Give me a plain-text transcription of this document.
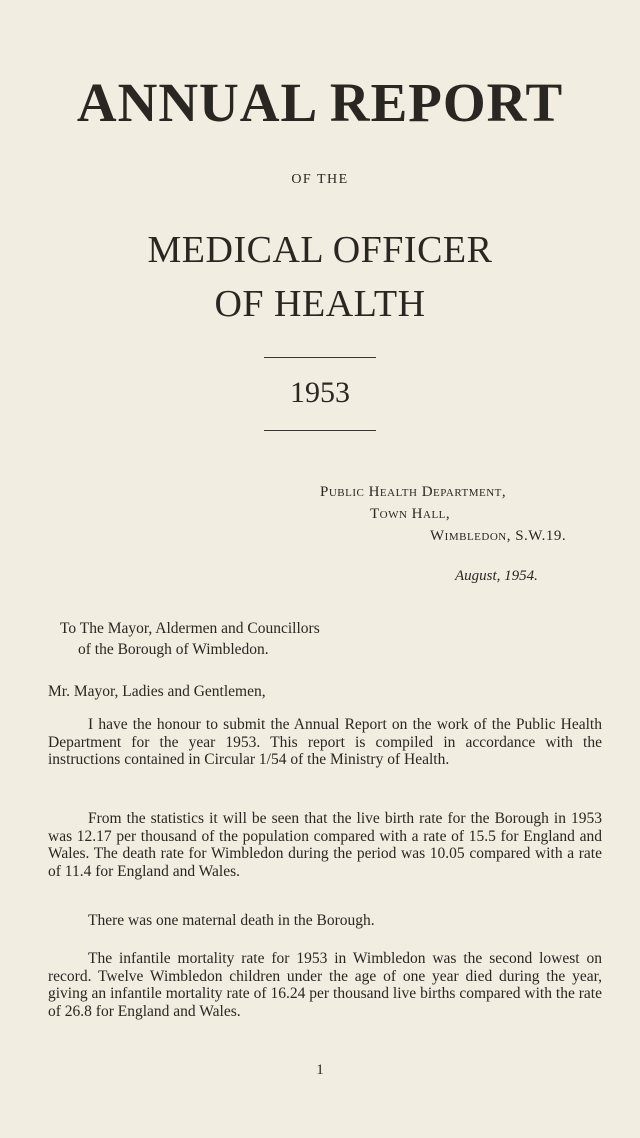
ANNUAL REPORT
OF THE
MEDICAL OFFICER
OF HEALTH
1953
Public Health Department,
Town Hall,
Wimbledon, S.W.19.
August, 1954.
To The Mayor, Aldermen and Councillors
of the Borough of Wimbledon.
Mr. Mayor, Ladies and Gentlemen,
I have the honour to submit the Annual Report on the work of the Public Health Department for the year 1953. This report is compiled in accordance with the instructions contained in Circular 1/54 of the Ministry of Health.
From the statistics it will be seen that the live birth rate for the Borough in 1953 was 12.17 per thousand of the population compared with a rate of 15.5 for England and Wales. The death rate for Wimbledon during the period was 10.05 compared with a rate of 11.4 for England and Wales.
There was one maternal death in the Borough.
The infantile mortality rate for 1953 in Wimbledon was the second lowest on record. Twelve Wimbledon children under the age of one year died during the year, giving an infantile mortality rate of 16.24 per thousand live births compared with the rate of 26.8 for England and Wales.
1
